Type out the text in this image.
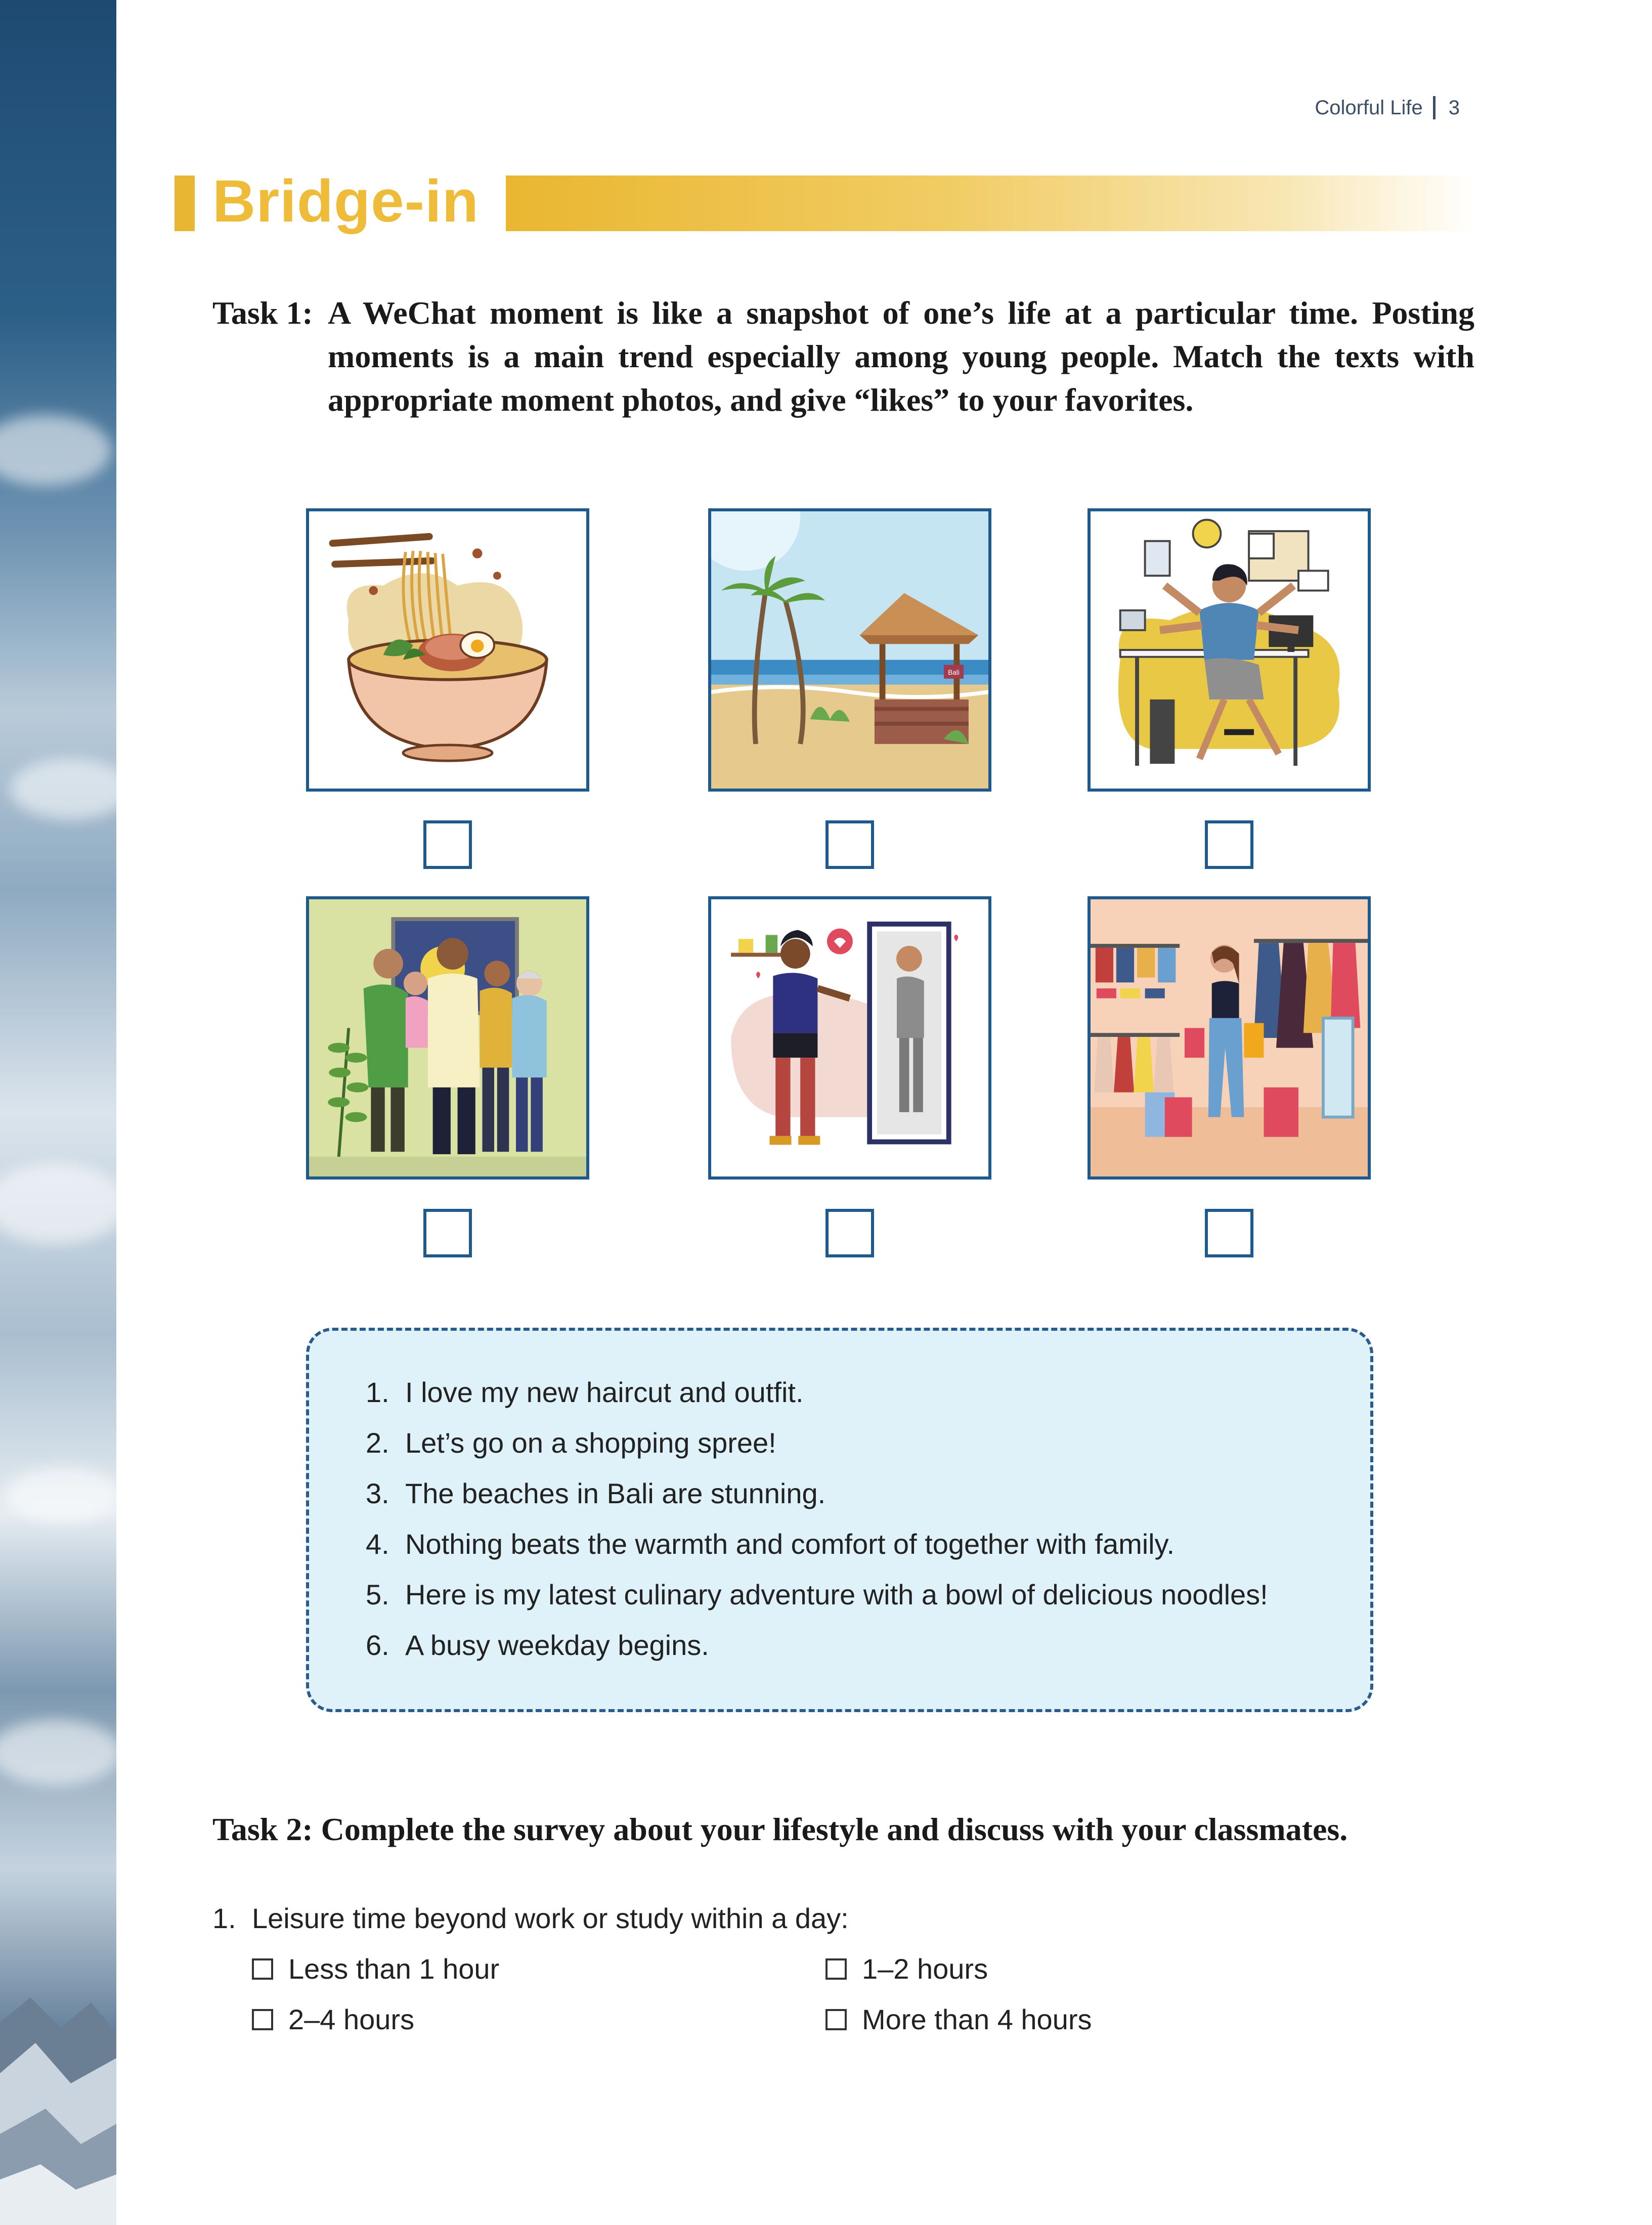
Colorful Life 3
Bridge-in
Task 1: A WeChat moment is like a snapshot of one’s life at a particular time. Posting moments is a main trend especially among young people. Match the texts with appropriate moment photos, and give “likes” to your favorites.
Bali
1. I love my new haircut and outfit.
2. Let’s go on a shopping spree!
3. The beaches in Bali are stunning.
4. Nothing beats the warmth and comfort of together with family.
5. Here is my latest culinary adventure with a bowl of delicious noodles!
6. A busy weekday begins.
Task 2: Complete the survey about your lifestyle and discuss with your classmates.
1. Leisure time beyond work or study within a day:
Less than 1 hour	1–2 hours
2–4 hours	More than 4 hours
